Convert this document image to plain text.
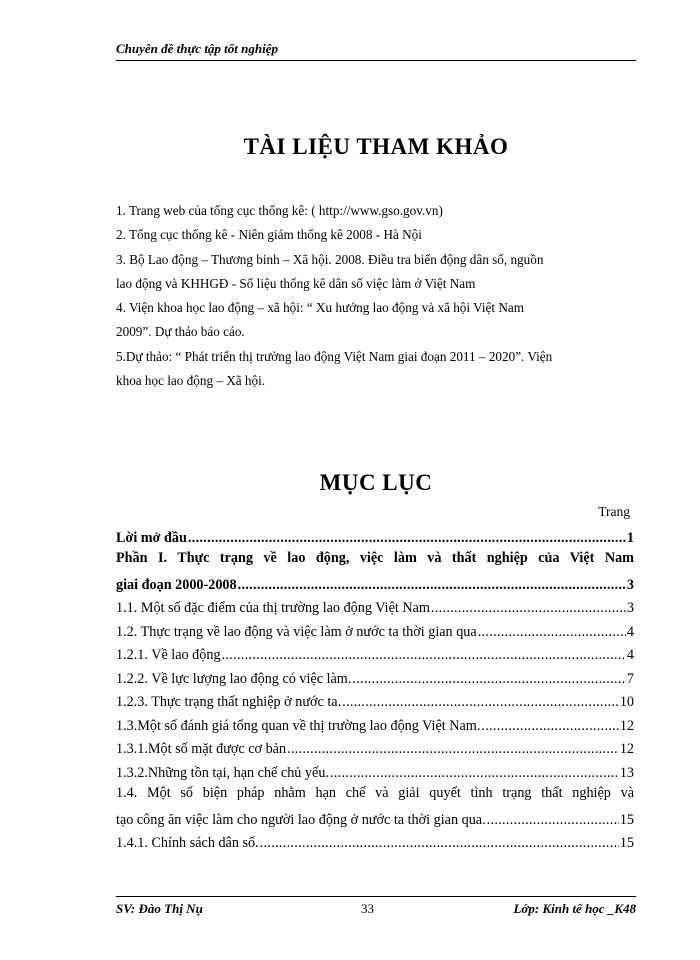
Chuyên đề thực tập tốt nghiệp
TÀI LIỆU THAM KHẢO

1. Trang web của tổng cục thống kê: ( http://www.gso.gov.vn)

2. Tổng cục thống kê - Niên giám thống kê 2008 - Hà Nội

3. Bộ Lao động – Thương binh – Xã hội. 2008. Điều tra biến động dân số, nguồn

lao động và KHHGĐ - Số liệu thống kê dân số việc làm ở Việt Nam

4. Viện khoa học lao động – xã hội: “ Xu hướng lao động và xã hội Việt Nam

2009”. Dự thảo báo cáo.

5.Dự thảo: “ Phát triển thị trường lao động Việt Nam giai đoạn 2011 – 2020”. Viện

khoa học lao động – Xã hội.

MỤC LỤC
Trang
Lời mở đầu .....	1
Phần I. Thực trạng về lao động, việc làm và thất nghiệp của Việt Nam
giai đoạn 2000-2008 .....	3
1.1. Một số đặc điểm của thị trường lao động Việt Nam .....	3
1.2. Thực trạng về lao động và việc làm ở nước ta thời gian qua .....	4
1.2.1. Về lao động .....	4
1.2.2. Về lực lượng lao động có việc làm. .....	7
1.2.3. Thực trạng thất nghiệp ở nước ta. .....	10
1.3.Một số đánh giá tổng quan về thị trường lao động Việt Nam. .....	12
1.3.1.Một số mặt được cơ bản .....	12
1.3.2.Những tồn tại, hạn chế chủ yếu. .....	13
1.4. Một số biện pháp nhằm hạn chế và giải quyết tình trạng thất nghiệp và
tạo công ăn việc làm cho người lao động ở nước ta thời gian qua. .....	15
1.4.1. Chính sách dân số. .....	15
SV: Đào Thị Nụ	33	Lớp: Kinh tế học _K48
